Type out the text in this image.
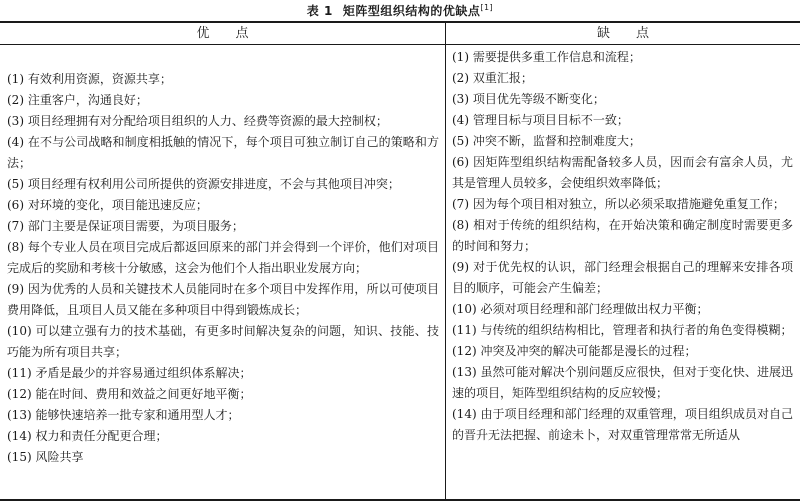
表 1 矩阵型组织结构的优缺点[1]
优点	缺点

(1) 有效利用资源，资源共享；

(2) 注重客户，沟通良好；

(3) 项目经理拥有对分配给项目组织的人力、经费等资源的最大控制权；

(4) 在不与公司战略和制度相抵触的情况下，每个项目可独立制订自己的策略和方法；

(5) 项目经理有权利用公司所提供的资源安排进度，不会与其他项目冲突；

(6) 对环境的变化，项目能迅速反应；

(7) 部门主要是保证项目需要，为项目服务；

(8) 每个专业人员在项目完成后都返回原来的部门并会得到一个评价，他们对项目完成后的奖励和考核十分敏感，这会为他们个人指出职业发展方向；

(9) 因为优秀的人员和关键技术人员能同时在多个项目中发挥作用，所以可使项目费用降低，且项目人员又能在多种项目中得到锻炼成长；

(10) 可以建立强有力的技术基础，有更多时间解决复杂的问题，知识、技能、技巧能为所有项目共享；

(11) 矛盾是最少的并容易通过组织体系解决；

(12) 能在时间、费用和效益之间更好地平衡；

(13) 能够快速培养一批专家和通用型人才；

(14) 权力和责任分配更合理；

(15) 风险共享

(1) 需要提供多重工作信息和流程；

(2) 双重汇报；

(3) 项目优先等级不断变化；

(4) 管理目标与项目目标不一致；

(5) 冲突不断，监督和控制难度大；

(6) 因矩阵型组织结构需配备较多人员，因而会有富余人员，尤其是管理人员较多，会使组织效率降低；

(7) 因为每个项目相对独立，所以必须采取措施避免重复工作；

(8) 相对于传统的组织结构，在开始决策和确定制度时需要更多的时间和努力；

(9) 对于优先权的认识，部门经理会根据自己的理解来安排各项目的顺序，可能会产生偏差；

(10) 必须对项目经理和部门经理做出权力平衡；

(11) 与传统的组织结构相比，管理者和执行者的角色变得模糊；

(12) 冲突及冲突的解决可能都是漫长的过程；

(13) 虽然可能对解决个别问题反应很快，但对于变化快、进展迅速的项目，矩阵型组织结构的反应较慢；

(14) 由于项目经理和部门经理的双重管理，项目组织成员对自己的晋升无法把握、前途未卜，对双重管理常常无所适从
